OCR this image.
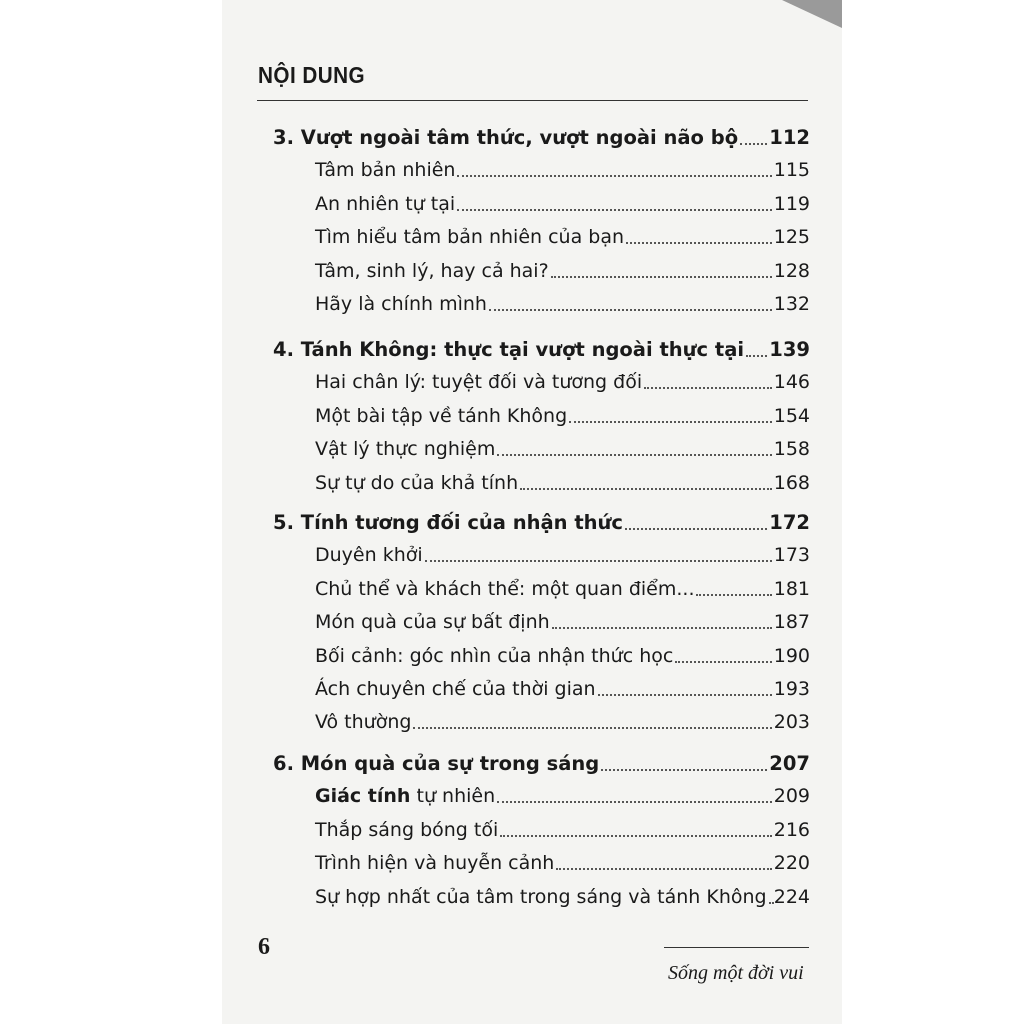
NỘI DUNG
3. Vượt ngoài tâm thức, vượt ngoài não bộ 112
Tâm bản nhiên	115
An nhiên tự tại	119
Tìm hiểu tâm bản nhiên của bạn	125
Tâm, sinh lý, hay cả hai?	128
Hãy là chính mình	132
4. Tánh Không: thực tại vượt ngoài thực tại 139
Hai chân lý: tuyệt đối và tương đối	146
Một bài tập về tánh Không	154
Vật lý thực nghiệm	158
Sự tự do của khả tính	168
5. Tính tương đối của nhận thức	172
Duyên khởi	173
Chủ thể và khách thể: một quan điểm...	181
Món quà của sự bất định	187
Bối cảnh: góc nhìn của nhận thức học	190
Ách chuyên chế của thời gian	193
Vô thường	203
6. Món quà của sự trong sáng	207
Giác tính tự nhiên	209
Thắp sáng bóng tối	216
Trình hiện và huyễn cảnh	220
Sự hợp nhất của tâm trong sáng và tánh Không 224
6
Sống một đời vui
